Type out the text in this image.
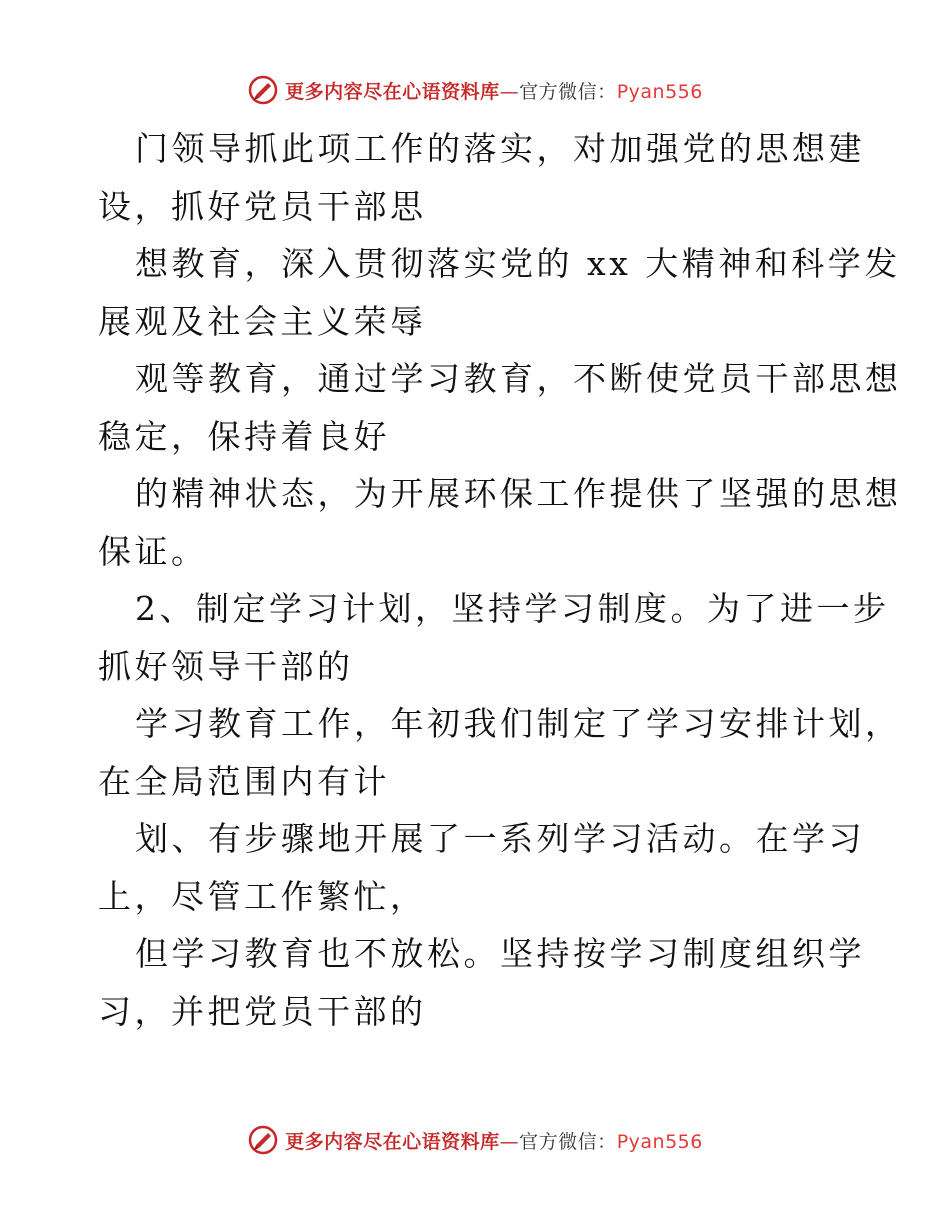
更多内容尽在心语资料库—官方微信：Pyan556

门领导抓此项工作的落实，对加强党的思想建
设，抓好党员干部思

想教育，深入贯彻落实党的 xx 大精神和科学发
展观及社会主义荣辱

观等教育，通过学习教育，不断使党员干部思想
稳定，保持着良好

的精神状态，为开展环保工作提供了坚强的思想
保证。

2、制定学习计划，坚持学习制度。为了进一步
抓好领导干部的

学习教育工作，年初我们制定了学习安排计划，
在全局范围内有计

划、有步骤地开展了一系列学习活动。在学习
上，尽管工作繁忙，

但学习教育也不放松。坚持按学习制度组织学
习，并把党员干部的

更多内容尽在心语资料库—官方微信：Pyan556
